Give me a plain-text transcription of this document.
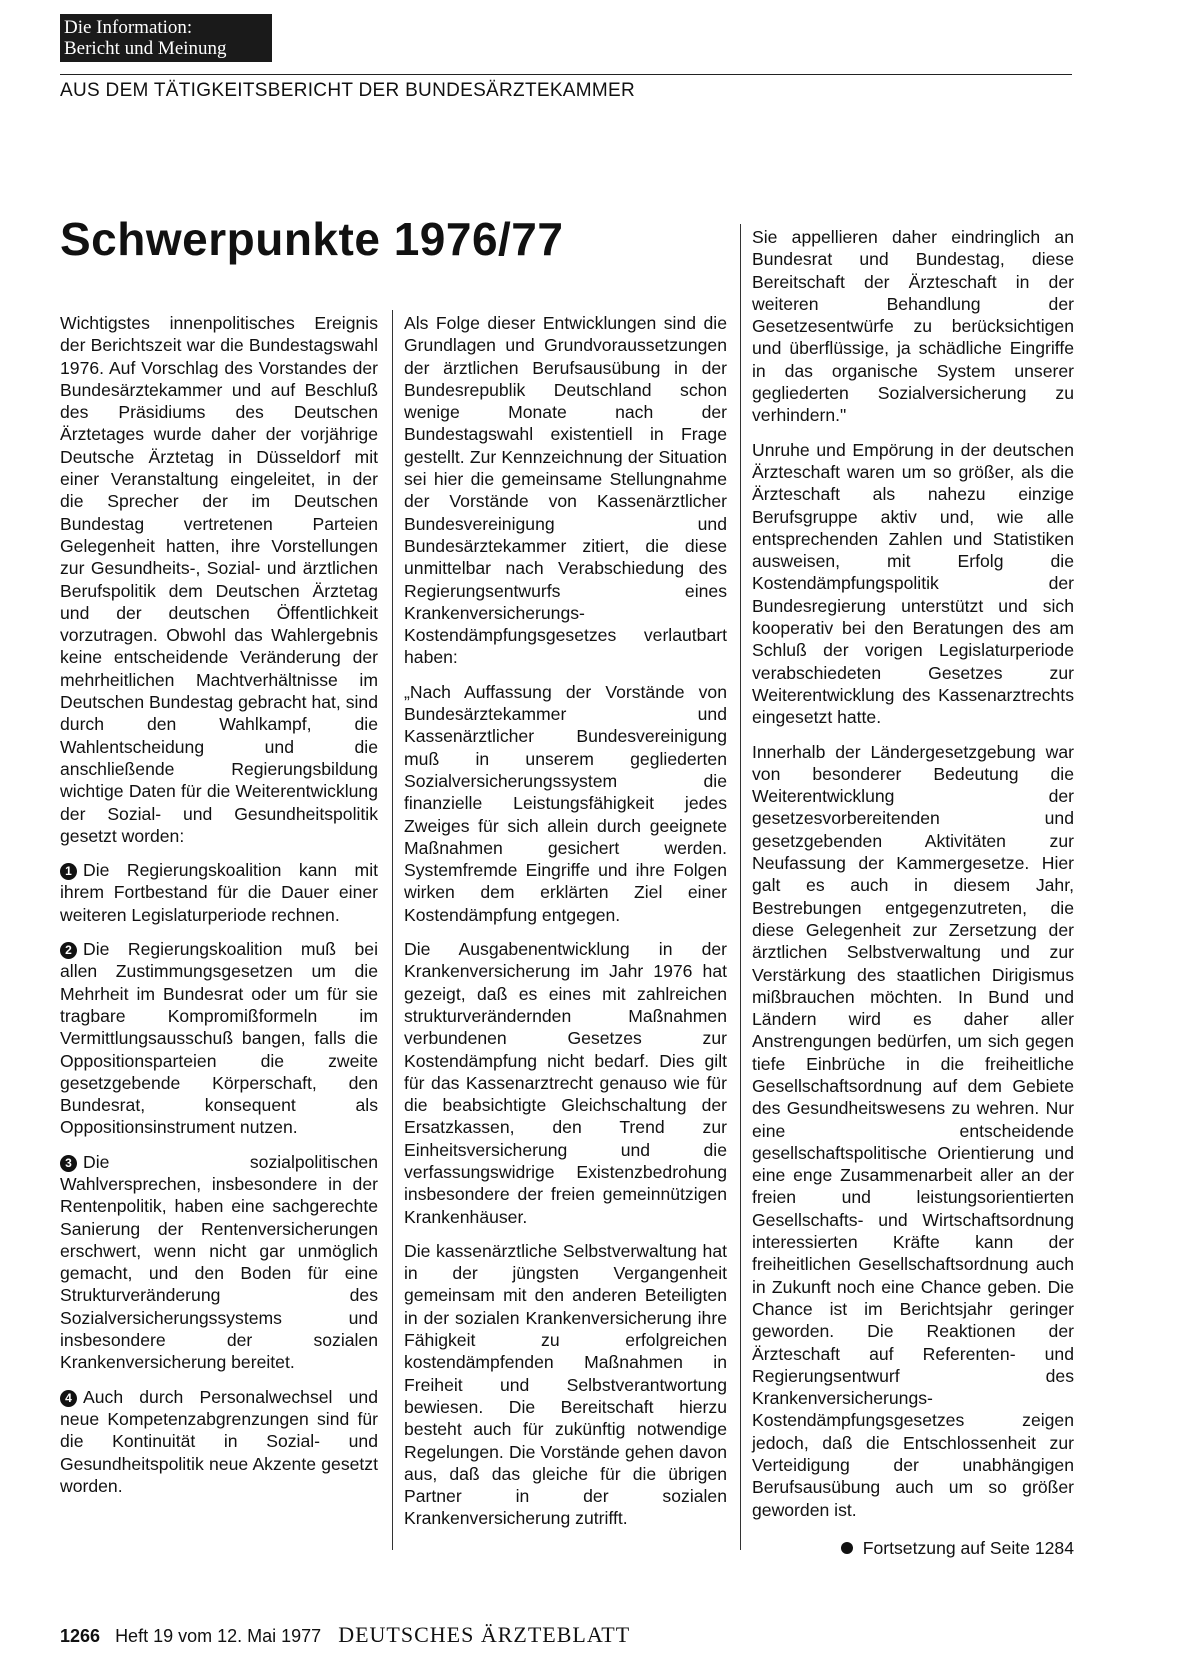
Die Information:
Bericht und Meinung
AUS DEM TÄTIGKEITSBERICHT DER BUNDESÄRZTEKAMMER
Schwerpunkte 1976/77

Wichtigstes innenpolitisches Ereignis der Berichtszeit war die Bundestagswahl 1976. Auf Vorschlag des Vorstandes der Bundesärztekammer und auf Beschluß des Präsidiums des Deutschen Ärztetages wurde daher der vorjährige Deutsche Ärztetag in Düsseldorf mit einer Veranstaltung eingeleitet, in der die Sprecher der im Deutschen Bundestag vertretenen Parteien Gelegenheit hatten, ihre Vorstellungen zur Gesundheits-, Sozial- und ärztlichen Berufspolitik dem Deutschen Ärztetag und der deutschen Öffentlichkeit vorzutragen. Obwohl das Wahlergebnis keine entscheidende Veränderung der mehrheitlichen Machtverhältnisse im Deutschen Bundestag gebracht hat, sind durch den Wahlkampf, die Wahlentscheidung und die anschließende Regierungsbildung wichtige Daten für die Weiterentwicklung der Sozial- und Gesundheitspolitik gesetzt worden:

1 Die Regierungskoalition kann mit ihrem Fortbestand für die Dauer einer weiteren Legislaturperiode rechnen.

2 Die Regierungskoalition muß bei allen Zustimmungsgesetzen um die Mehrheit im Bundesrat oder um für sie tragbare Kompromißformeln im Vermittlungsausschuß bangen, falls die Oppositionsparteien die zweite gesetzgebende Körperschaft, den Bundesrat, konsequent als Oppositionsinstrument nutzen.

3 Die sozialpolitischen Wahlversprechen, insbesondere in der Rentenpolitik, haben eine sachgerechte Sanierung der Rentenversicherungen erschwert, wenn nicht gar unmöglich gemacht, und den Boden für eine Strukturveränderung des Sozialversicherungssystems und insbesondere der sozialen Krankenversicherung bereitet.

4 Auch durch Personalwechsel und neue Kompetenzabgrenzungen sind für die Kontinuität in Sozial- und Gesundheitspolitik neue Akzente gesetzt worden.

Als Folge dieser Entwicklungen sind die Grundlagen und Grundvoraussetzungen der ärztlichen Berufsausübung in der Bundesrepublik Deutschland schon wenige Monate nach der Bundestagswahl existentiell in Frage gestellt. Zur Kennzeichnung der Situation sei hier die gemeinsame Stellungnahme der Vorstände von Kassenärztlicher Bundesvereinigung und Bundesärztekammer zitiert, die diese unmittelbar nach Verabschiedung des Regierungsentwurfs eines Krankenversicherungs-Kostendämpfungsgesetzes verlautbart haben:

„Nach Auffassung der Vorstände von Bundesärztekammer und Kassenärztlicher Bundesvereinigung muß in unserem gegliederten Sozialversicherungssystem die finanzielle Leistungsfähigkeit jedes Zweiges für sich allein durch geeignete Maßnahmen gesichert werden. Systemfremde Eingriffe und ihre Folgen wirken dem erklärten Ziel einer Kostendämpfung entgegen.

Die Ausgabenentwicklung in der Krankenversicherung im Jahr 1976 hat gezeigt, daß es eines mit zahlreichen strukturverändernden Maßnahmen verbundenen Gesetzes zur Kostendämpfung nicht bedarf. Dies gilt für das Kassenarztrecht genauso wie für die beabsichtigte Gleichschaltung der Ersatzkassen, den Trend zur Einheitsversicherung und die verfassungswidrige Existenzbedrohung insbesondere der freien gemeinnützigen Krankenhäuser.

Die kassenärztliche Selbstverwaltung hat in der jüngsten Vergangenheit gemeinsam mit den anderen Beteiligten in der sozialen Krankenversicherung ihre Fähigkeit zu erfolgreichen kostendämpfenden Maßnahmen in Freiheit und Selbstverantwortung bewiesen. Die Bereitschaft hierzu besteht auch für zukünftig notwendige Regelungen. Die Vorstände gehen davon aus, daß das gleiche für die übrigen Partner in der sozialen Krankenversicherung zutrifft.

Sie appellieren daher eindringlich an Bundesrat und Bundestag, diese Bereitschaft der Ärzteschaft in der weiteren Behandlung der Gesetzesentwürfe zu berücksichtigen und überflüssige, ja schädliche Eingriffe in das organische System unserer gegliederten Sozialversicherung zu verhindern."

Unruhe und Empörung in der deutschen Ärzteschaft waren um so größer, als die Ärzteschaft als nahezu einzige Berufsgruppe aktiv und, wie alle entsprechenden Zahlen und Statistiken ausweisen, mit Erfolg die Kostendämpfungspolitik der Bundesregierung unterstützt und sich kooperativ bei den Beratungen des am Schluß der vorigen Legislaturperiode verabschiedeten Gesetzes zur Weiterentwicklung des Kassenarztrechts eingesetzt hatte.

Innerhalb der Ländergesetzgebung war von besonderer Bedeutung die Weiterentwicklung der gesetzesvorbereitenden und gesetzgebenden Aktivitäten zur Neufassung der Kammergesetze. Hier galt es auch in diesem Jahr, Bestrebungen entgegenzutreten, die diese Gelegenheit zur Zersetzung der ärztlichen Selbstverwaltung und zur Verstärkung des staatlichen Dirigismus mißbrauchen möchten. In Bund und Ländern wird es daher aller Anstrengungen bedürfen, um sich gegen tiefe Einbrüche in die freiheitliche Gesellschaftsordnung auf dem Gebiete des Gesundheitswesens zu wehren. Nur eine entscheidende gesellschaftspolitische Orientierung und eine enge Zusammenarbeit aller an der freien und leistungsorientierten Gesellschafts- und Wirtschaftsordnung interessierten Kräfte kann der freiheitlichen Gesellschaftsordnung auch in Zukunft noch eine Chance geben. Die Chance ist im Berichtsjahr geringer geworden. Die Reaktionen der Ärzteschaft auf Referenten- und Regierungsentwurf des Krankenversicherungs-Kostendämpfungsgesetzes zeigen jedoch, daß die Entschlossenheit zur Verteidigung der unabhängigen Berufsausübung auch um so größer geworden ist.

Fortsetzung auf Seite 1284
1266 Heft 19 vom 12. Mai 1977 DEUTSCHES ÄRZTEBLATT
